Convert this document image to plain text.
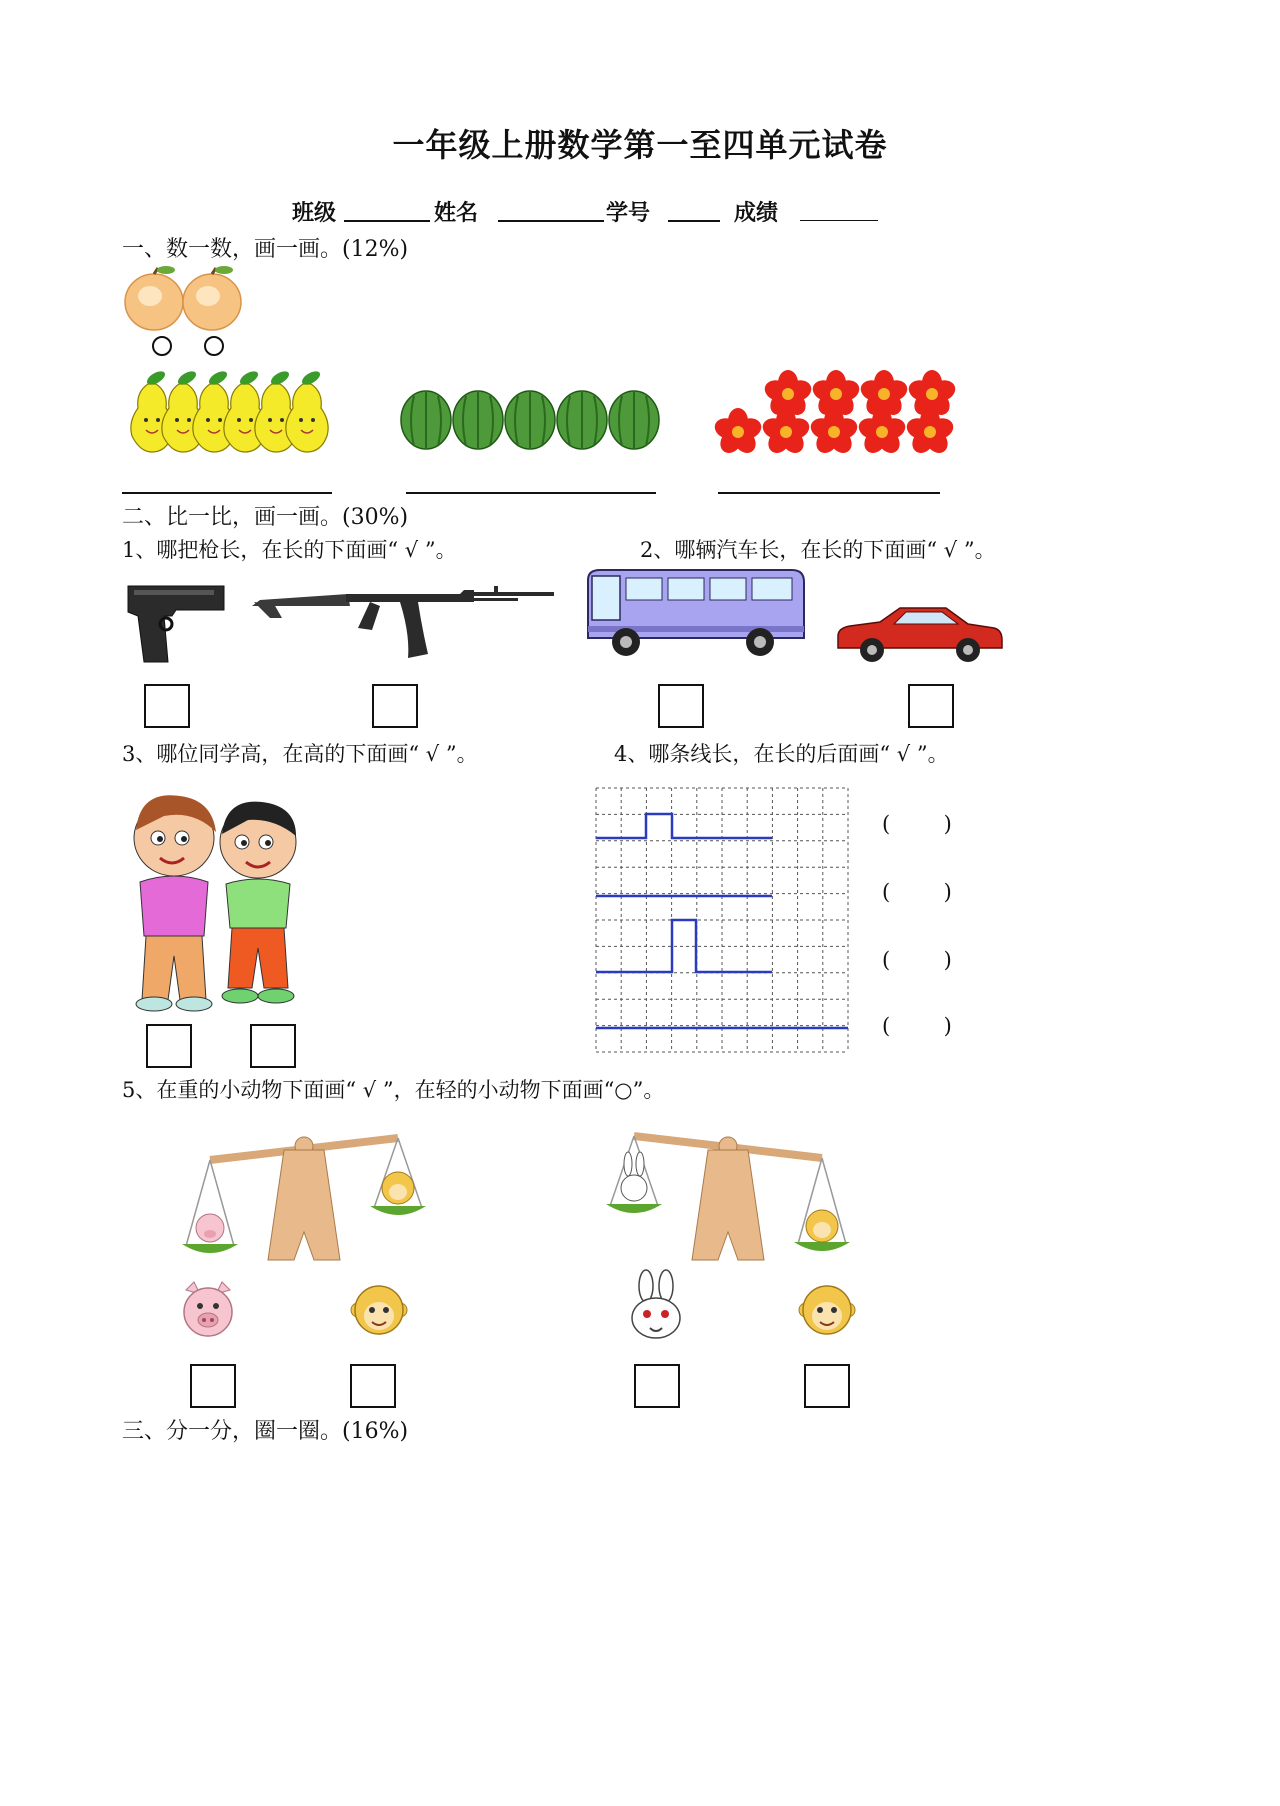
一年级上册数学第一至四单元试卷
班级	姓名	学号	成绩
一、数一数，画一画。(12%)
二、比一比，画一画。(30%)
1、哪把枪长，在长的下面画“ √ ”。	2、哪辆汽车长，在长的下面画“ √ ”。
3、哪位同学高，在高的下面画“ √ ”。	4、哪条线长，在长的后面画“ √ ”。
(        )
(        )
(        )
(        )
5、在重的小动物下面画“ √ ”，在轻的小动物下面画“○”。
三、分一分，圈一圈。(16%)
